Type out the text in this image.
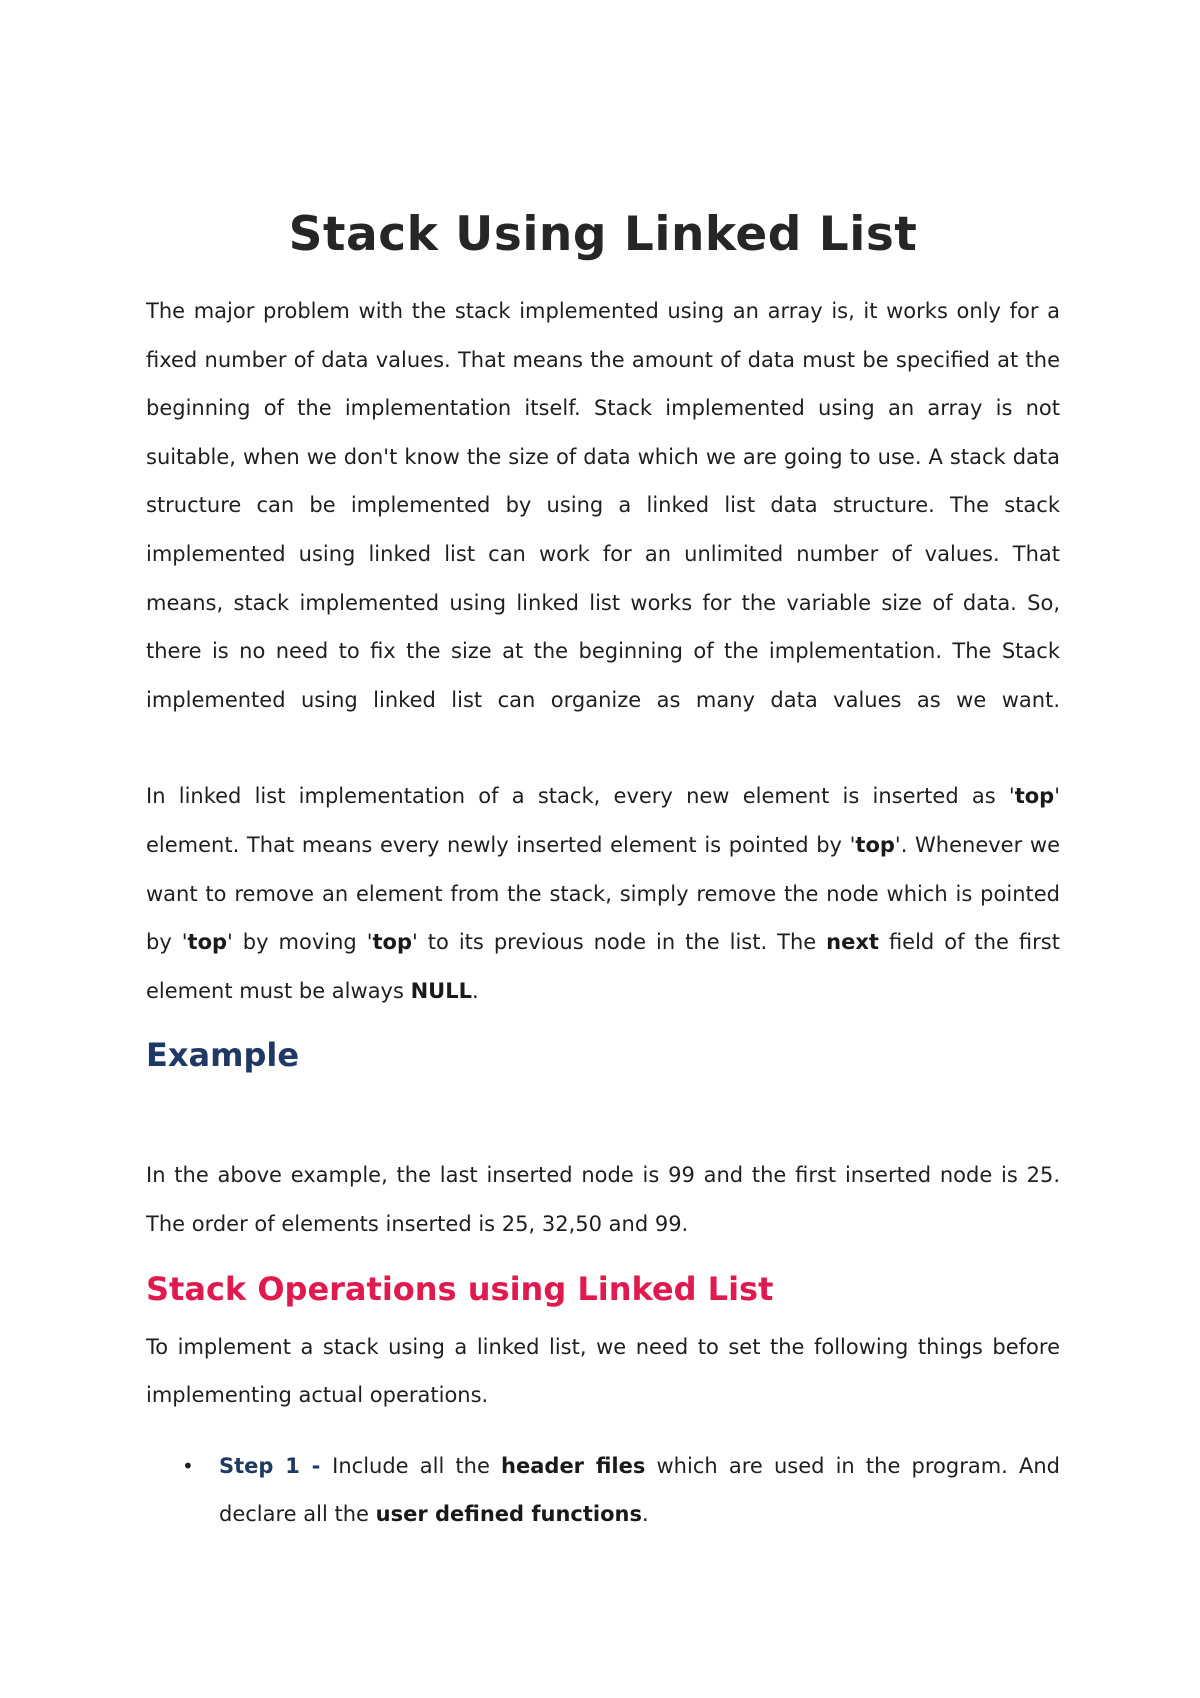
Stack Using Linked List

The major problem with the stack implemented using an array is, it works only for a fixed number of data values. That means the amount of data must be specified at the beginning of the implementation itself. Stack implemented using an array is not suitable, when we don't know the size of data which we are going to use. A stack data structure can be implemented by using a linked list data structure. The stack implemented using linked list can work for an unlimited number of values. That means, stack implemented using linked list works for the variable size of data. So, there is no need to fix the size at the beginning of the implementation. The Stack implemented using linked list can organize as many data values as we want.

In linked list implementation of a stack, every new element is inserted as 'top' element. That means every newly inserted element is pointed by 'top'. Whenever we want to remove an element from the stack, simply remove the node which is pointed by 'top' by moving 'top' to its previous node in the list. The next field of the first element must be always NULL.

Example

In the above example, the last inserted node is 99 and the first inserted node is 25. The order of elements inserted is 25, 32,50 and 99.

Stack Operations using Linked List

To implement a stack using a linked list, we need to set the following things before implementing actual operations.

• Step 1 - Include all the header files which are used in the program. And declare all the user defined functions.
